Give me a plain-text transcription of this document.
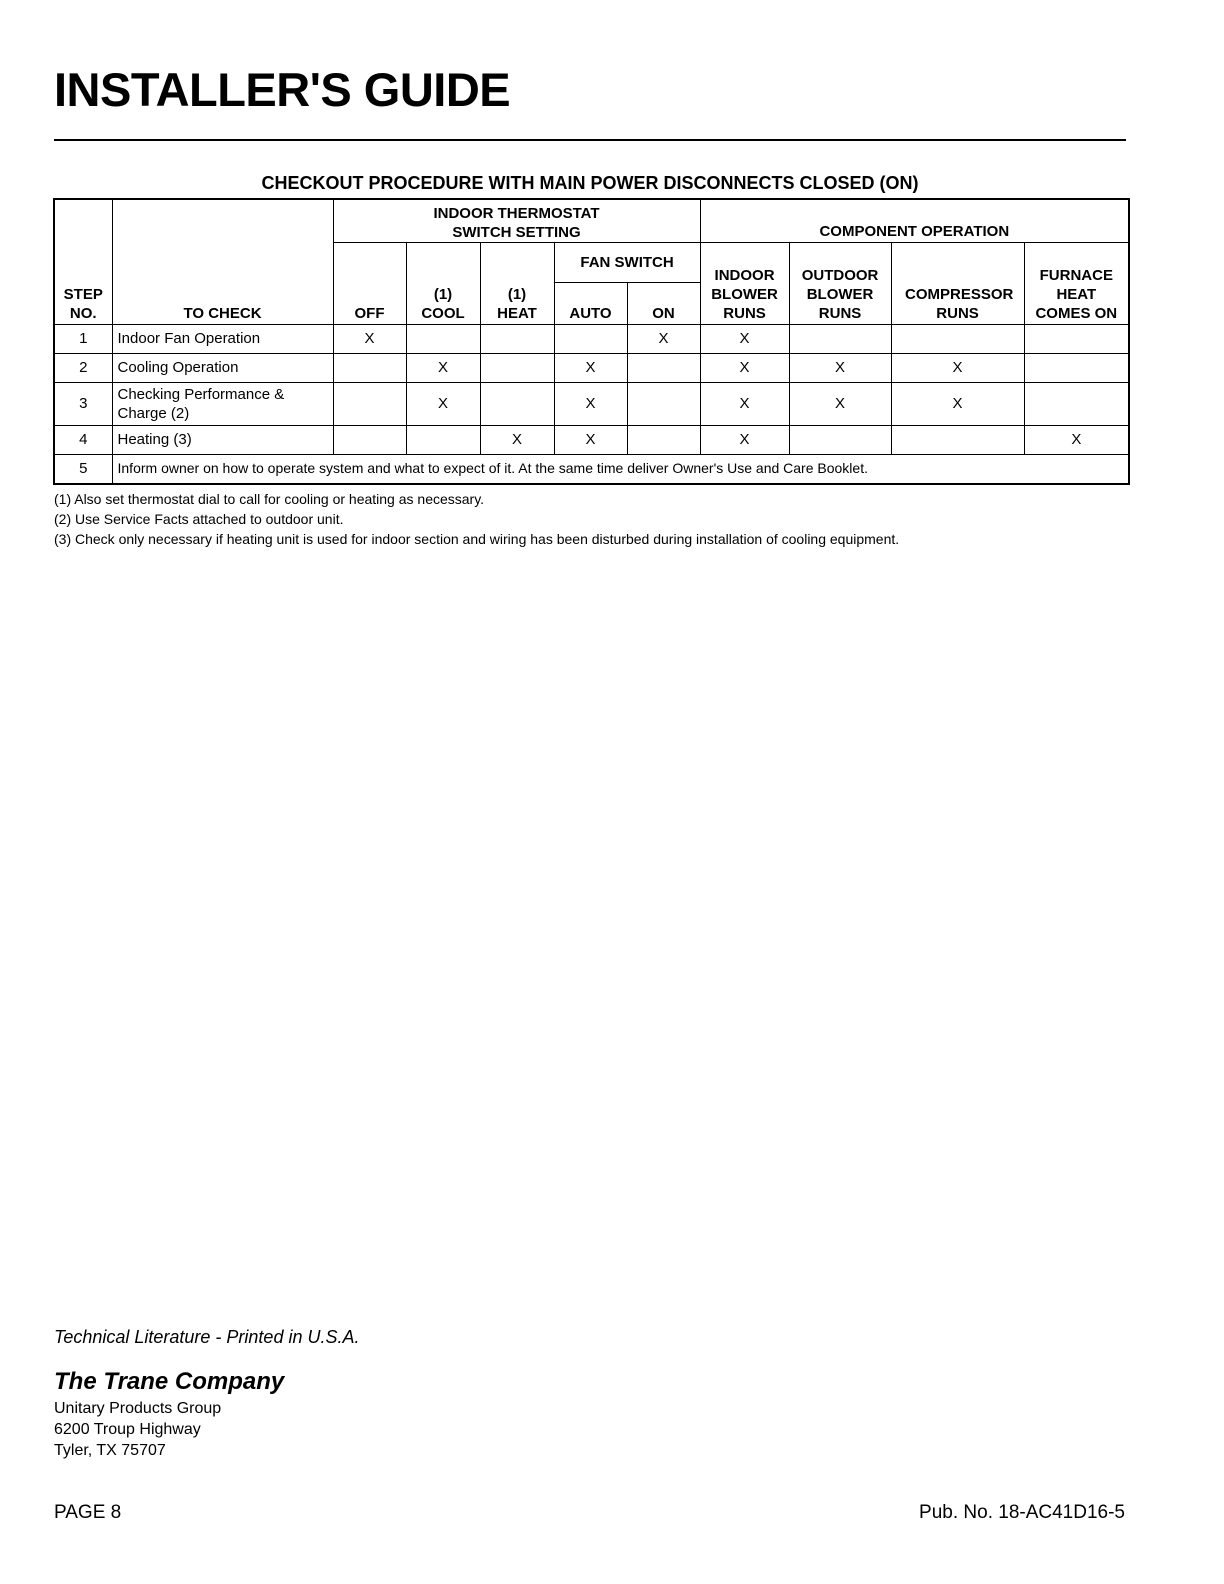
INSTALLER'S GUIDE
CHECKOUT PROCEDURE WITH MAIN POWER DISCONNECTS CLOSED (ON)
STEP NO.	TO CHECK	INDOOR THERMOSTAT SWITCH SETTING					COMPONENT OPERATION			
		OFF	(1) COOL	(1) HEAT	FAN SWITCH		INDOOR BLOWER RUNS	OUTDOOR BLOWER RUNS	COMPRESSOR RUNS	FURNACE HEAT COMES ON
					AUTO	ON				
1	Indoor Fan Operation	X				X	X			
2	Cooling Operation		X		X		X	X	X	
3	Checking Performance & Charge (2)		X		X		X	X	X	
4	Heating (3)			X	X		X			X
5	Inform owner on how to operate system and what to expect of it. At the same time deliver Owner's Use and Care Booklet.									
(1) Also set thermostat dial to call for cooling or heating as necessary.
(2) Use Service Facts attached to outdoor unit.
(3) Check only necessary if heating unit is used for indoor section and wiring has been disturbed during installation of cooling equipment.
Technical Literature - Printed in U.S.A.
The Trane Company
Unitary Products Group
6200 Troup Highway
Tyler, TX 75707
PAGE 8	Pub. No. 18-AC41D16-5
